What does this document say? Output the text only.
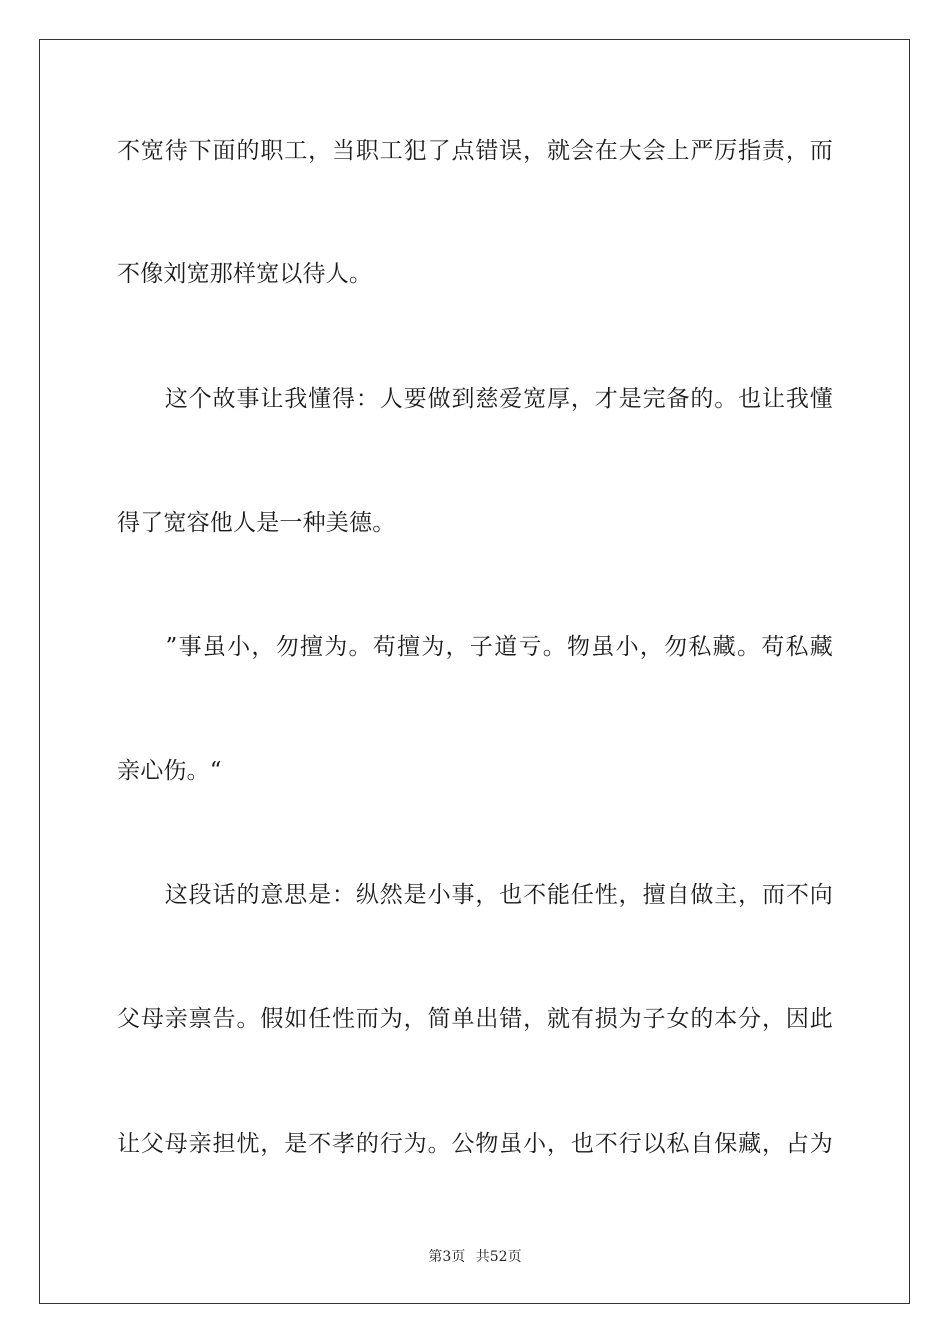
不宽待下面的职工，当职工犯了点错误，就会在大会上严厉指责，而
不像刘宽那样宽以待人。
　　这个故事让我懂得：人要做到慈爱宽厚，才是完备的。也让我懂
得了宽容他人是一种美德。
　　”事虽小，勿擅为。苟擅为，子道亏。物虽小，勿私藏。苟私藏
亲心伤。“
　　这段话的意思是：纵然是小事，也不能任性，擅自做主，而不向
父母亲禀告。假如任性而为，简单出错，就有损为子女的本分，因此
让父母亲担忧，是不孝的行为。公物虽小，也不行以私自保藏，占为
第3页 共52页
